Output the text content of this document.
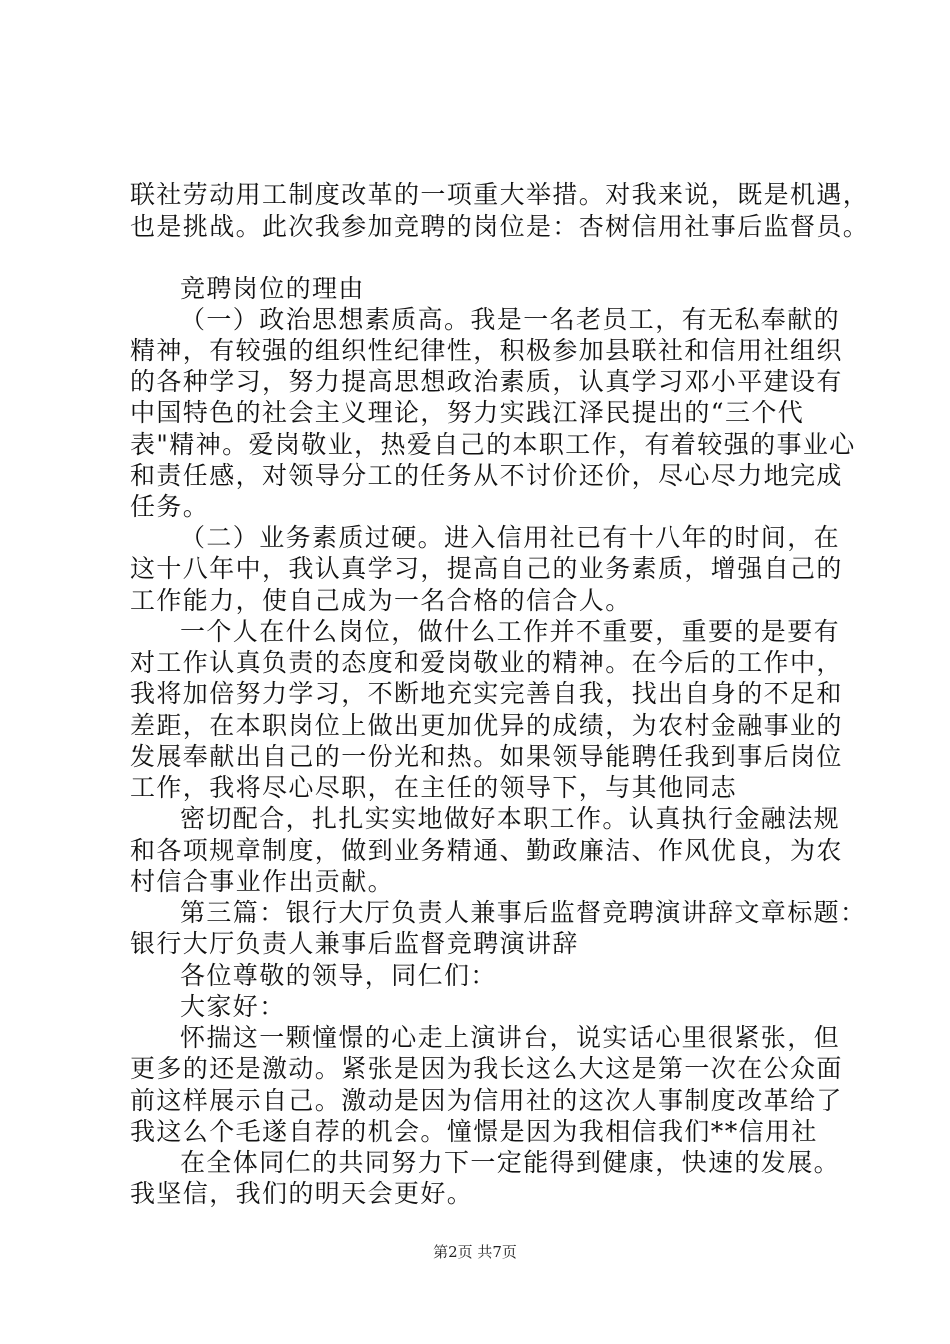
联社劳动用工制度改革的一项重大举措。对我来说，既是机遇，
也是挑战。此次我参加竞聘的岗位是：杏树信用社事后监督员。
竞聘岗位的理由
（一）政治思想素质高。我是一名老员工，有无私奉献的
精神，有较强的组织性纪律性，积极参加县联社和信用社组织
的各种学习，努力提高思想政治素质，认真学习邓小平建设有
中国特色的社会主义理论，努力实践江泽民提出的“三个代
表"精神。爱岗敬业，热爱自己的本职工作，有着较强的事业心
和责任感，对领导分工的任务从不讨价还价，尽心尽力地完成
任务。
（二）业务素质过硬。进入信用社已有十八年的时间，在
这十八年中，我认真学习，提高自己的业务素质，增强自己的
工作能力，使自己成为一名合格的信合人。
一个人在什么岗位，做什么工作并不重要，重要的是要有
对工作认真负责的态度和爱岗敬业的精神。在今后的工作中，
我将加倍努力学习，不断地充实完善自我，找出自身的不足和
差距，在本职岗位上做出更加优异的成绩，为农村金融事业的
发展奉献出自己的一份光和热。如果领导能聘任我到事后岗位
工作，我将尽心尽职，在主任的领导下，与其他同志
密切配合，扎扎实实地做好本职工作。认真执行金融法规
和各项规章制度，做到业务精通、勤政廉洁、作风优良，为农
村信合事业作出贡献。
第三篇：银行大厅负责人兼事后监督竞聘演讲辞文章标题：
银行大厅负责人兼事后监督竞聘演讲辞
各位尊敬的领导，同仁们：
大家好：
怀揣这一颗憧憬的心走上演讲台，说实话心里很紧张，但
更多的还是激动。紧张是因为我长这么大这是第一次在公众面
前这样展示自己。激动是因为信用社的这次人事制度改革给了
我这么个毛遂自荐的机会。憧憬是因为我相信我们**信用社
在全体同仁的共同努力下一定能得到健康，快速的发展。
我坚信，我们的明天会更好。
第2页 共7页
